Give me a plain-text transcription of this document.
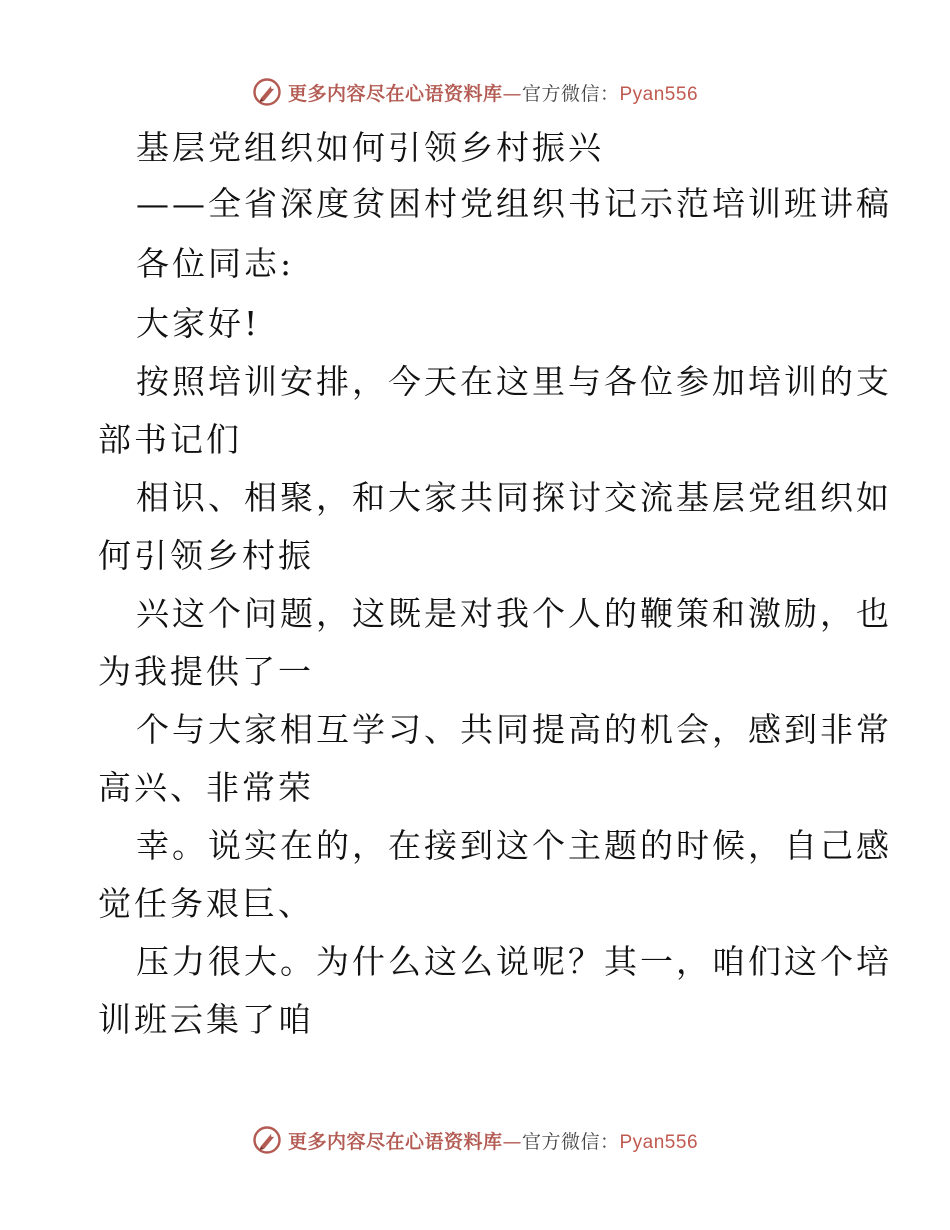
更多内容尽在心语资料库—官方微信：Pyan556
基层党组织如何引领乡村振兴
——全省深度贫困村党组织书记示范培训班讲稿
各位同志:
大家好!
按照培训安排，今天在这里与各位参加培训的支
部书记们
相识、相聚，和大家共同探讨交流基层党组织如
何引领乡村振
兴这个问题，这既是对我个人的鞭策和激励，也
为我提供了一
个与大家相互学习、共同提高的机会，感到非常
高兴、非常荣
幸。说实在的，在接到这个主题的时候，自己感
觉任务艰巨、
压力很大。为什么这么说呢？其一，咱们这个培
训班云集了咱
更多内容尽在心语资料库—官方微信：Pyan556
